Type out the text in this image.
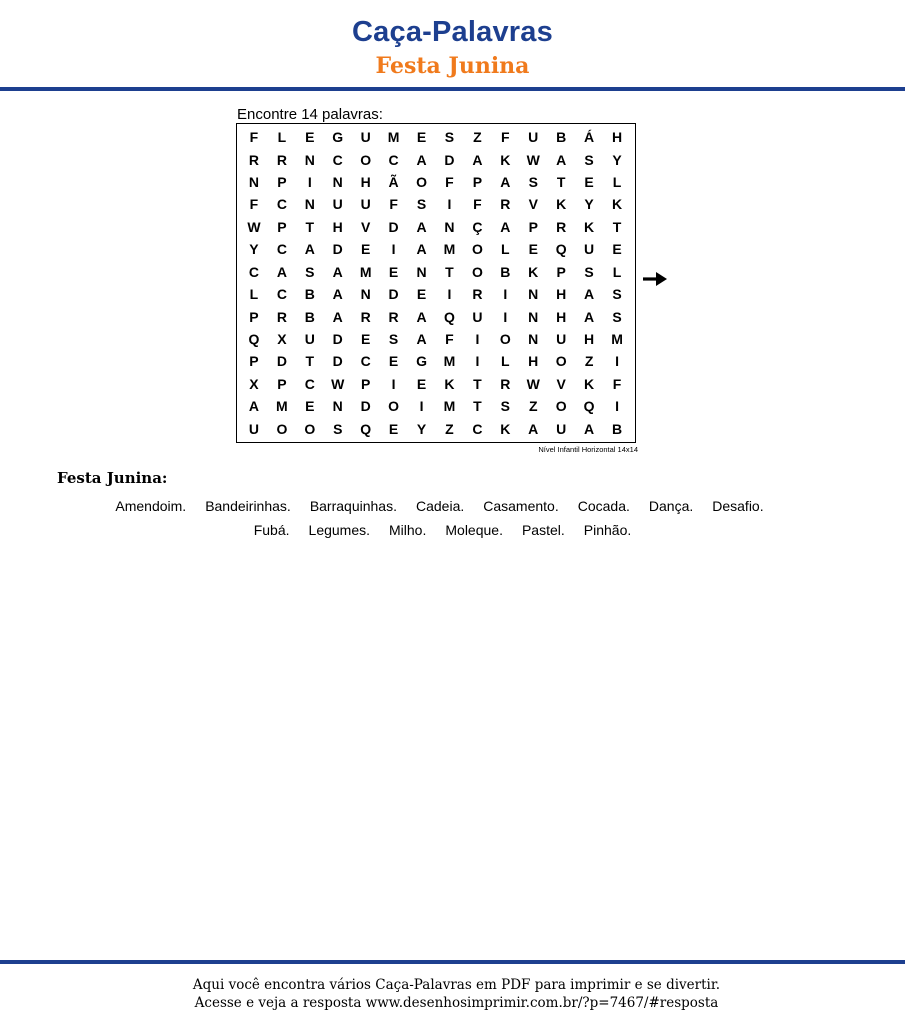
Caça-Palavras
Festa Junina
Encontre 14 palavras:
F	L	E	G	U	M	E	S	Z	F	U	B	Á	H
R	R	N	C	O	C	A	D	A	K	W	A	S	Y
N	P	I	N	H	Ã	O	F	P	A	S	T	E	L
F	C	N	U	U	F	S	I	F	R	V	K	Y	K
W	P	T	H	V	D	A	N	Ç	A	P	R	K	T
Y	C	A	D	E	I	A	M	O	L	E	Q	U	E
C	A	S	A	M	E	N	T	O	B	K	P	S	L
L	C	B	A	N	D	E	I	R	I	N	H	A	S
P	R	B	A	R	R	A	Q	U	I	N	H	A	S
Q	X	U	D	E	S	A	F	I	O	N	U	H	M
P	D	T	D	C	E	G	M	I	L	H	O	Z	I
X	P	C	W	P	I	E	K	T	R	W	V	K	F
A	M	E	N	D	O	I	M	T	S	Z	O	Q	I
U	O	O	S	Q	E	Y	Z	C	K	A	U	A	B
Nível Infantil Horizontal 14x14
Festa Junina:
Amendoim. Bandeirinhas. Barraquinhas. Cadeia. Casamento. Cocada. Dança. Desafio.
Fubá. Legumes. Milho. Moleque. Pastel. Pinhão.
Aqui você encontra vários Caça-Palavras em PDF para imprimir e se divertir.
Acesse e veja a resposta www.desenhosimprimir.com.br/?p=7467/#resposta
